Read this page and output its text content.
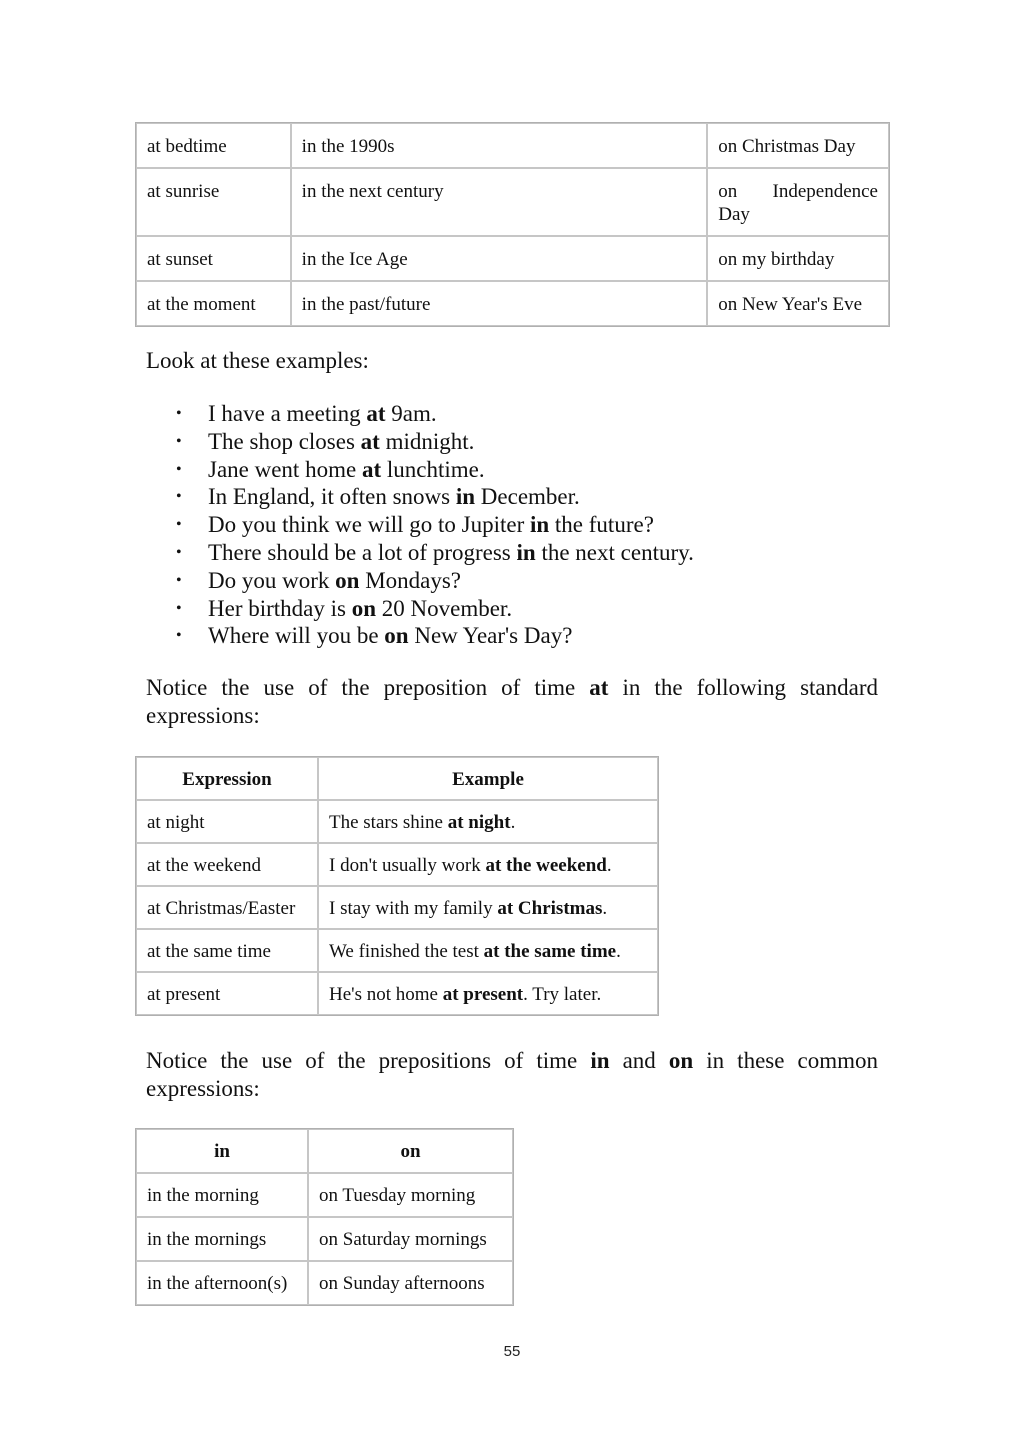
at bedtime	in the 1990s	on Christmas Day
at sunrise	in the next century	on Independence Day
at sunset	in the Ice Age	on my birthday
at the moment	in the past/future	on New Year's Eve

Look at these examples:

• I have a meeting at 9am.
• The shop closes at midnight.
• Jane went home at lunchtime.
• In England, it often snows in December.
• Do you think we will go to Jupiter in the future?
• There should be a lot of progress in the next century.
• Do you work on Mondays?
• Her birthday is on 20 November.
• Where will you be on New Year's Day?

Notice the use of the preposition of time at in the following standard
expressions:

Expression	Example
at night	The stars shine at night.
at the weekend	I don't usually work at the weekend.
at Christmas/Easter	I stay with my family at Christmas.
at the same time	We finished the test at the same time.
at present	He's not home at present. Try later.

Notice the use of the prepositions of time in and on in these common
expressions:

in	on
in the morning	on Tuesday morning
in the mornings	on Saturday mornings
in the afternoon(s)	on Sunday afternoons
55
